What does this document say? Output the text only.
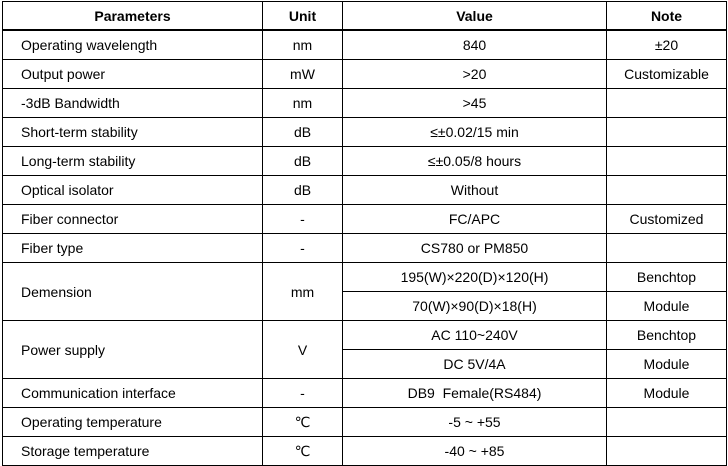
Parameters	Unit	Value	Note
Operating wavelength	nm	840	±20
Output power	mW	>20	Customizable
-3dB Bandwidth	nm	>45	
Short-term stability	dB	≤±0.02/15 min	
Long-term stability	dB	≤±0.05/8 hours	
Optical isolator	dB	Without	
Fiber connector	-	FC/APC	Customized
Fiber type	-	CS780 or PM850	
Demension	mm	195(W)×220(D)×120(H)	Benchtop
		70(W)×90(D)×18(H)	Module
Power supply	V	AC 110~240V	Benchtop
		DC 5V/4A	Module
Communication interface	-	DB9  Female(RS484)	Module
Operating temperature	℃	-5 ~ +55	
Storage temperature	℃	-40 ~ +85	
